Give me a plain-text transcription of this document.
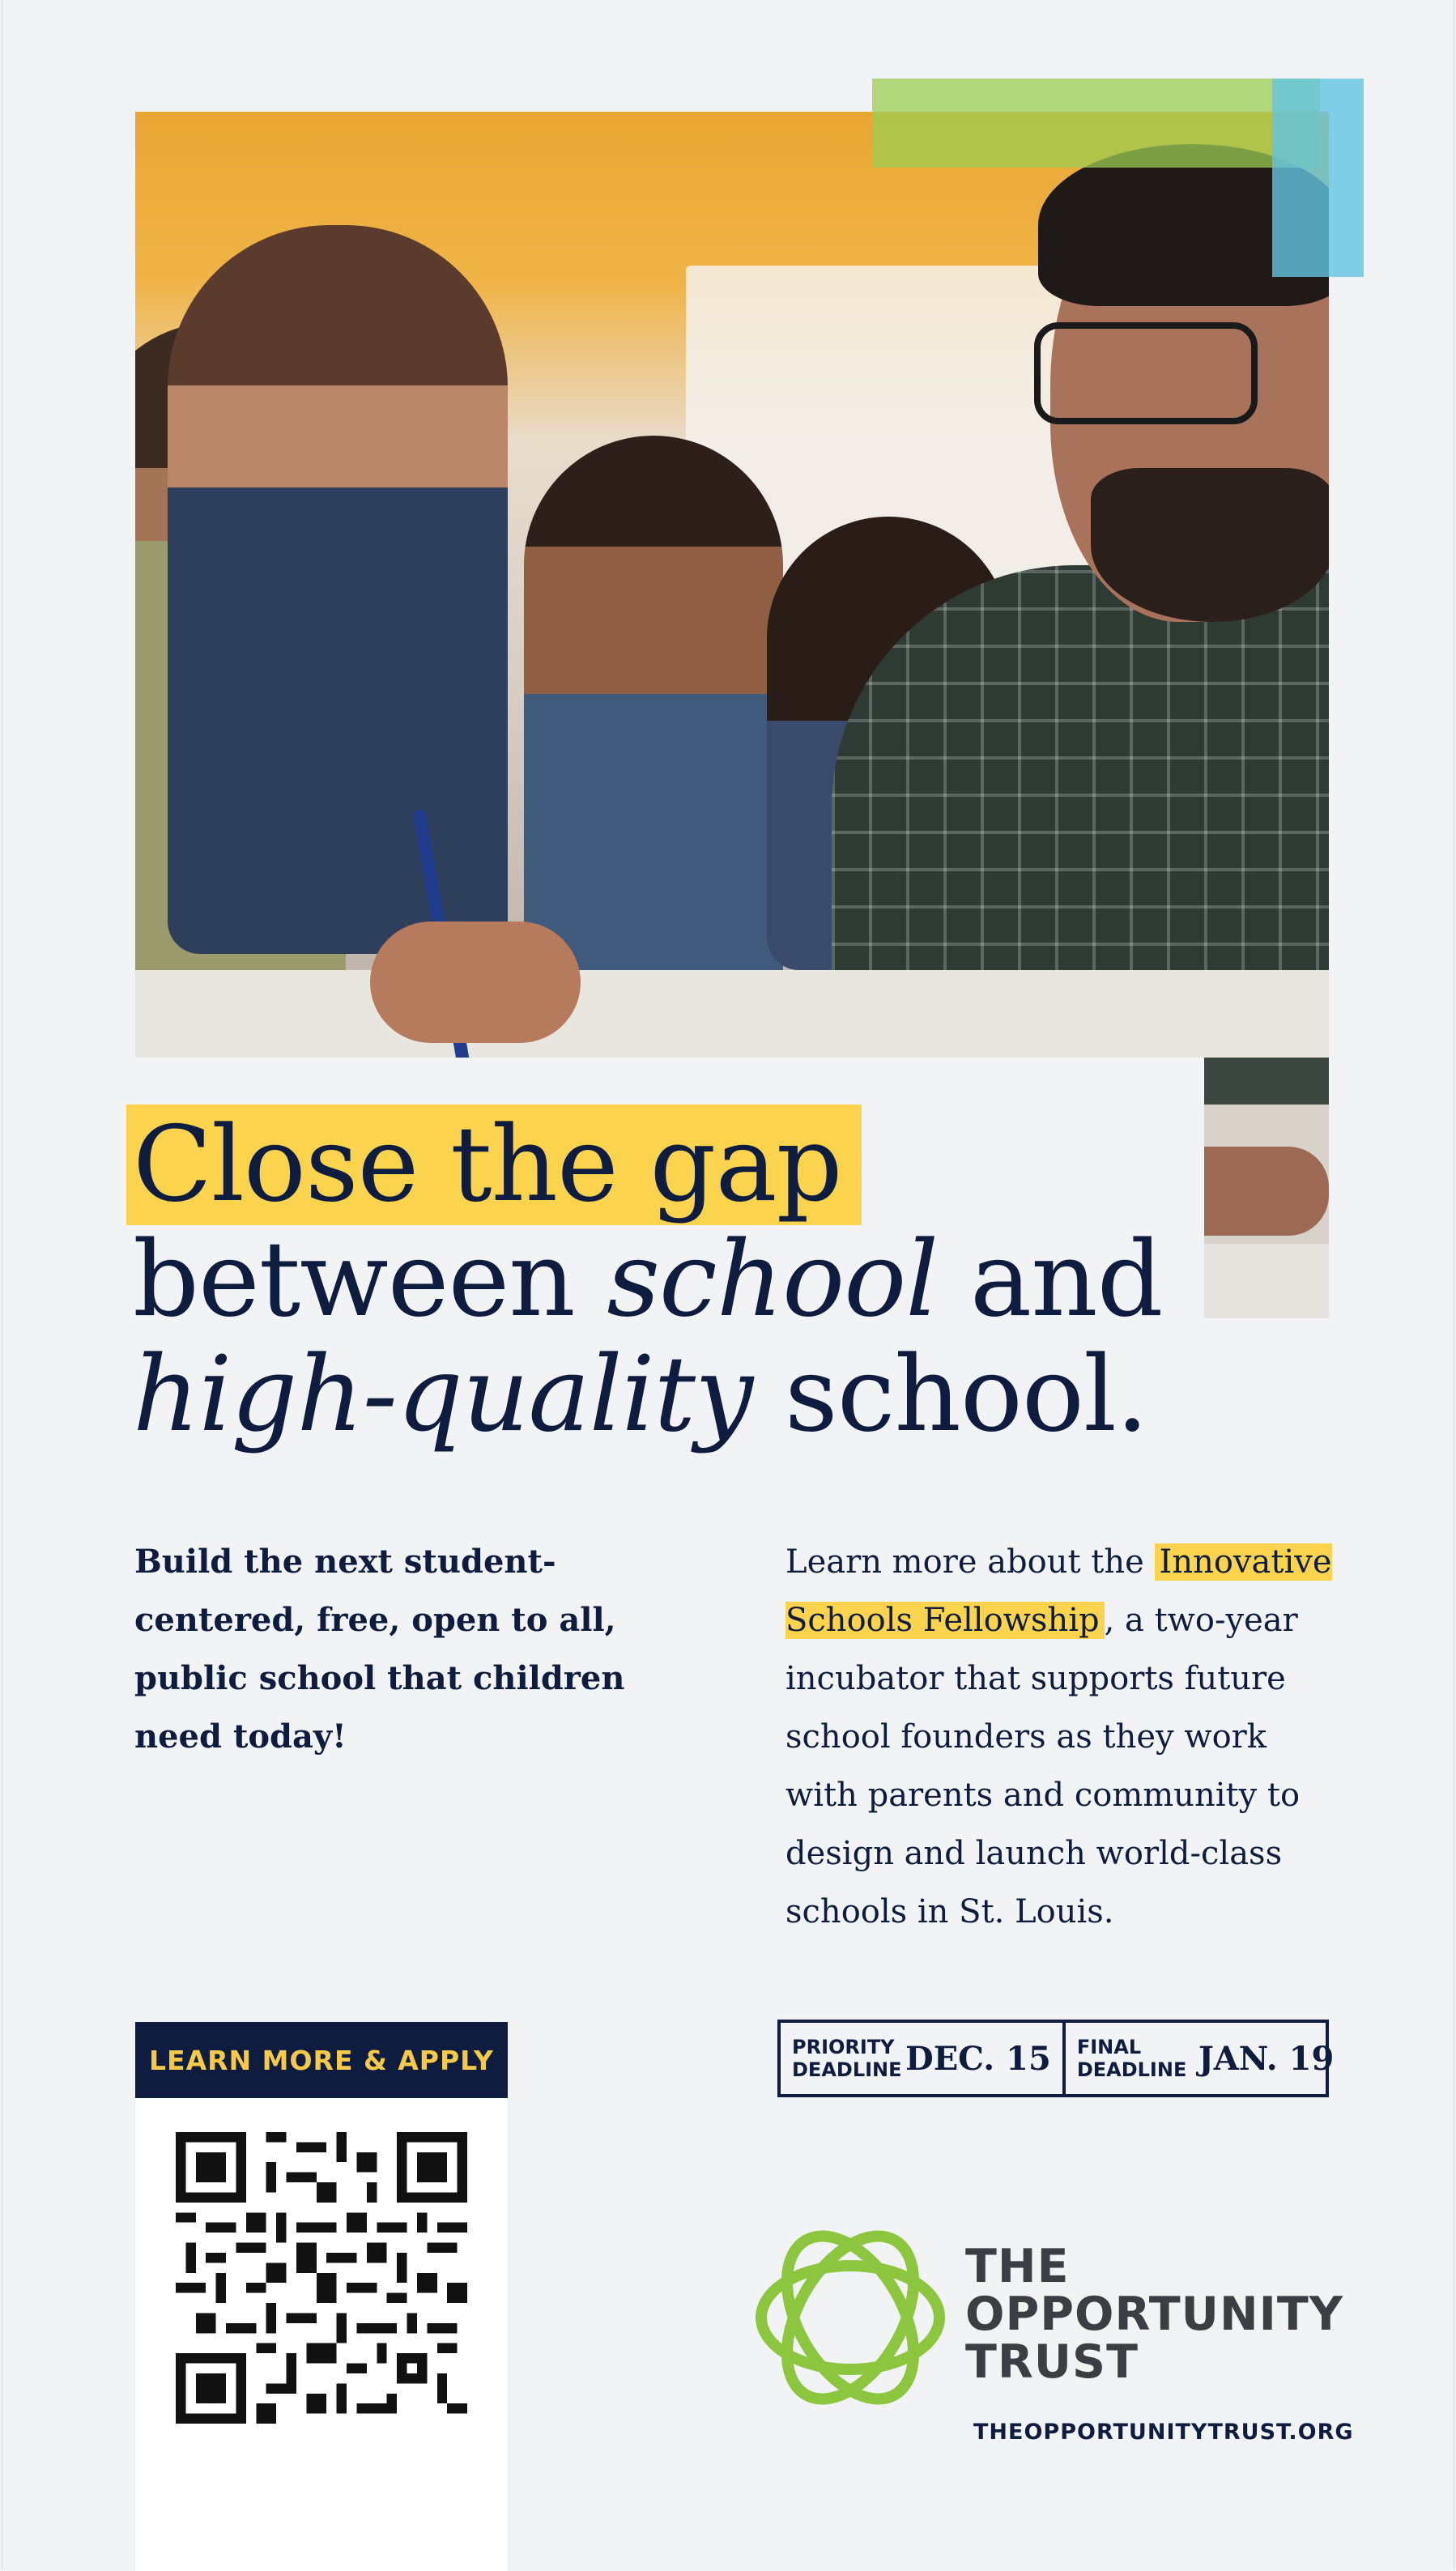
Close the gap
between school and
high-quality school.

Build the next student-centered, free, open to all, public school that children need today!

Learn more about the Innovative Schools Fellowship , a two-year incubator that supports future school founders as they work with parents and community to design and launch world-class schools in St. Louis.

LEARN MORE & APPLY	PRIORITY
DEADLINE DEC. 15 FINAL
DEADLINE JAN. 19
THE
OPPORTUNITY
TRUST
THEOPPORTUNITYTRUST.ORG
